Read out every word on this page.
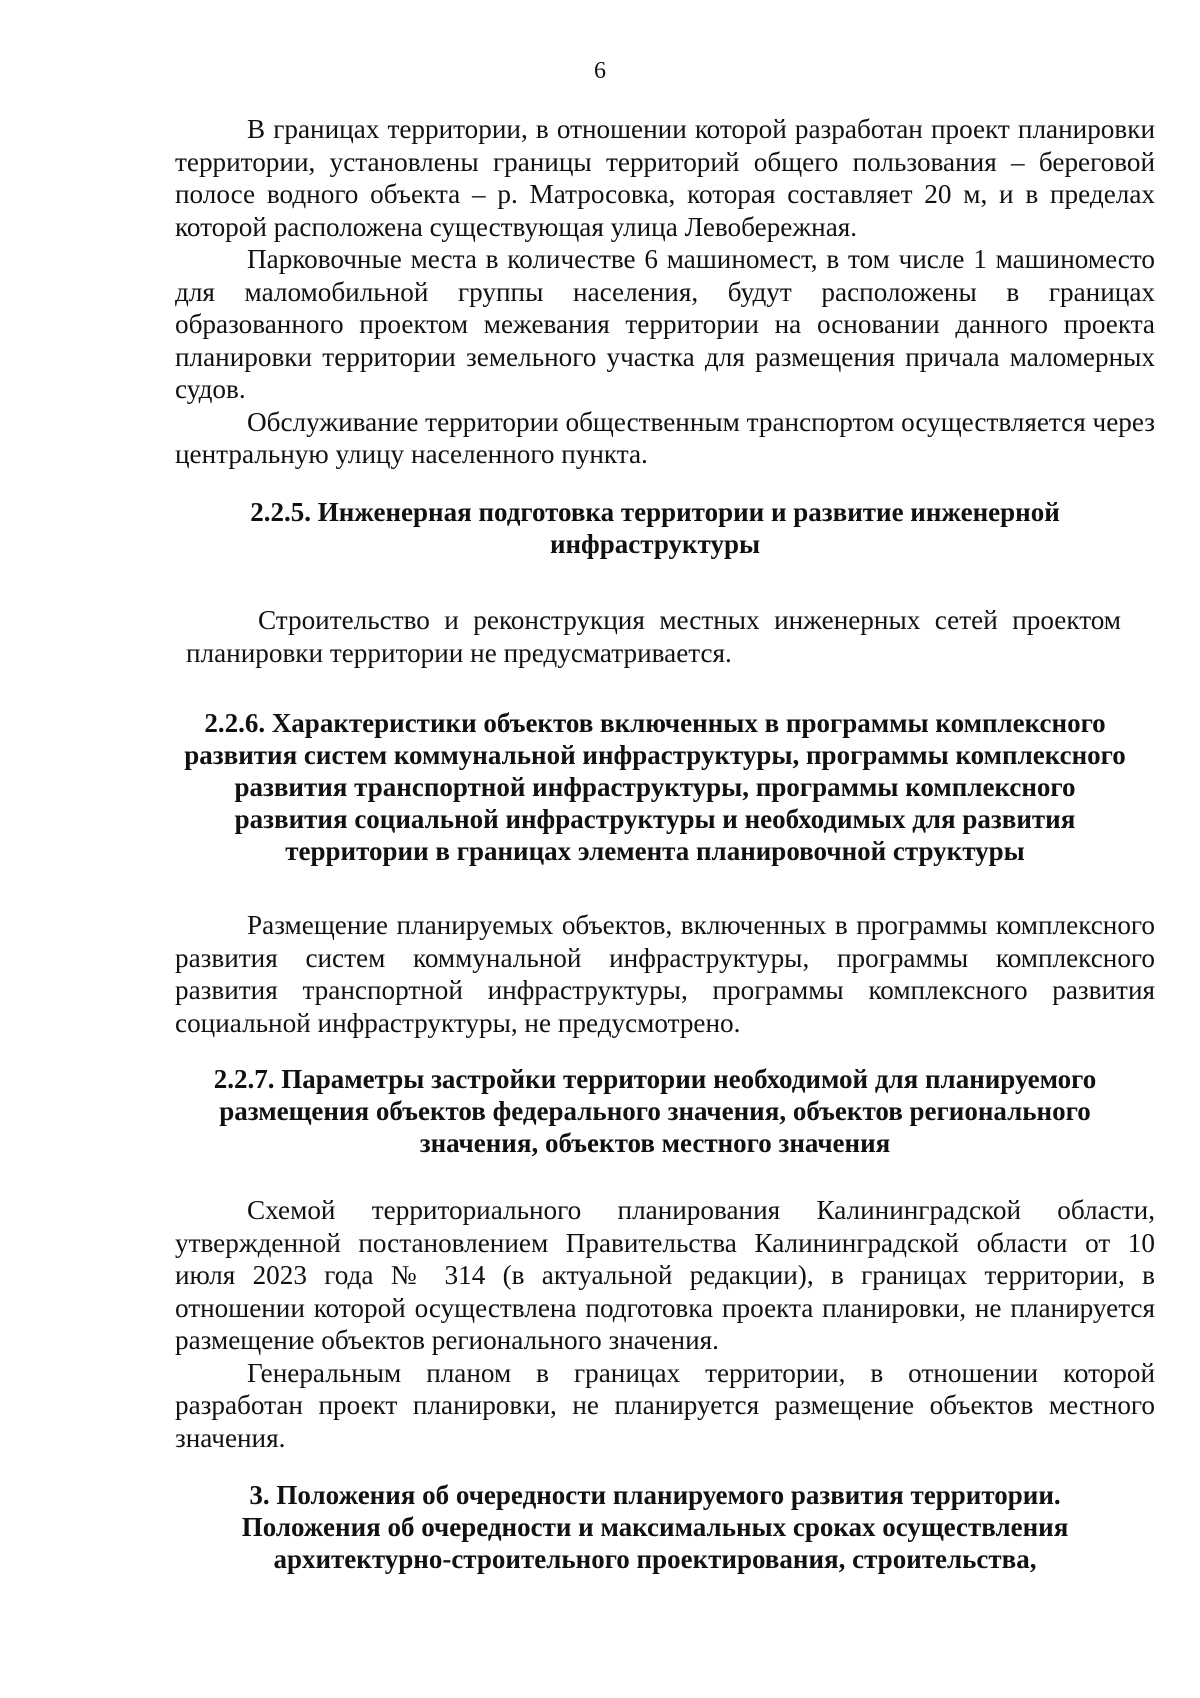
6

В границах территории, в отношении которой разработан проект планировки территории, установлены границы территорий общего пользования – береговой полосе водного объекта – р. Матросовка, которая составляет 20 м, и в пределах которой расположена существующая улица Левобережная.

Парковочные места в количестве 6 машиномест, в том числе 1 машиноместо для маломобильной группы населения, будут расположены в границах образованного проектом межевания территории на основании данного проекта планировки территории земельного участка для размещения причала маломерных судов.

Обслуживание территории общественным транспортом осуществляется через центральную улицу населенного пункта.

2.2.5. Инженерная подготовка территории и развитие инженерной инфраструктуры

Строительство и реконструкция местных инженерных сетей проектом планировки территории не предусматривается.

2.2.6. Характеристики объектов включенных в программы комплексного развития систем коммунальной инфраструктуры, программы комплексного развития транспортной инфраструктуры, программы комплексного развития социальной инфраструктуры и необходимых для развития территории в границах элемента планировочной структуры

Размещение планируемых объектов, включенных в программы комплексного развития систем коммунальной инфраструктуры, программы комплексного развития транспортной инфраструктуры, программы комплексного развития социальной инфраструктуры, не предусмотрено.

2.2.7. Параметры застройки территории необходимой для планируемого размещения объектов федерального значения, объектов регионального значения, объектов местного значения

Схемой территориального планирования Калининградской области, утвержденной постановлением Правительства Калининградской области от 10 июля 2023 года № 314 (в актуальной редакции), в границах территории, в отношении которой осуществлена подготовка проекта планировки, не планируется размещение объектов регионального значения.

Генеральным планом в границах территории, в отношении которой разработан проект планировки, не планируется размещение объектов местного значения.

3. Положения об очередности планируемого развития территории.
Положения об очередности и максимальных сроках осуществления архитектурно-строительного проектирования, строительства,
